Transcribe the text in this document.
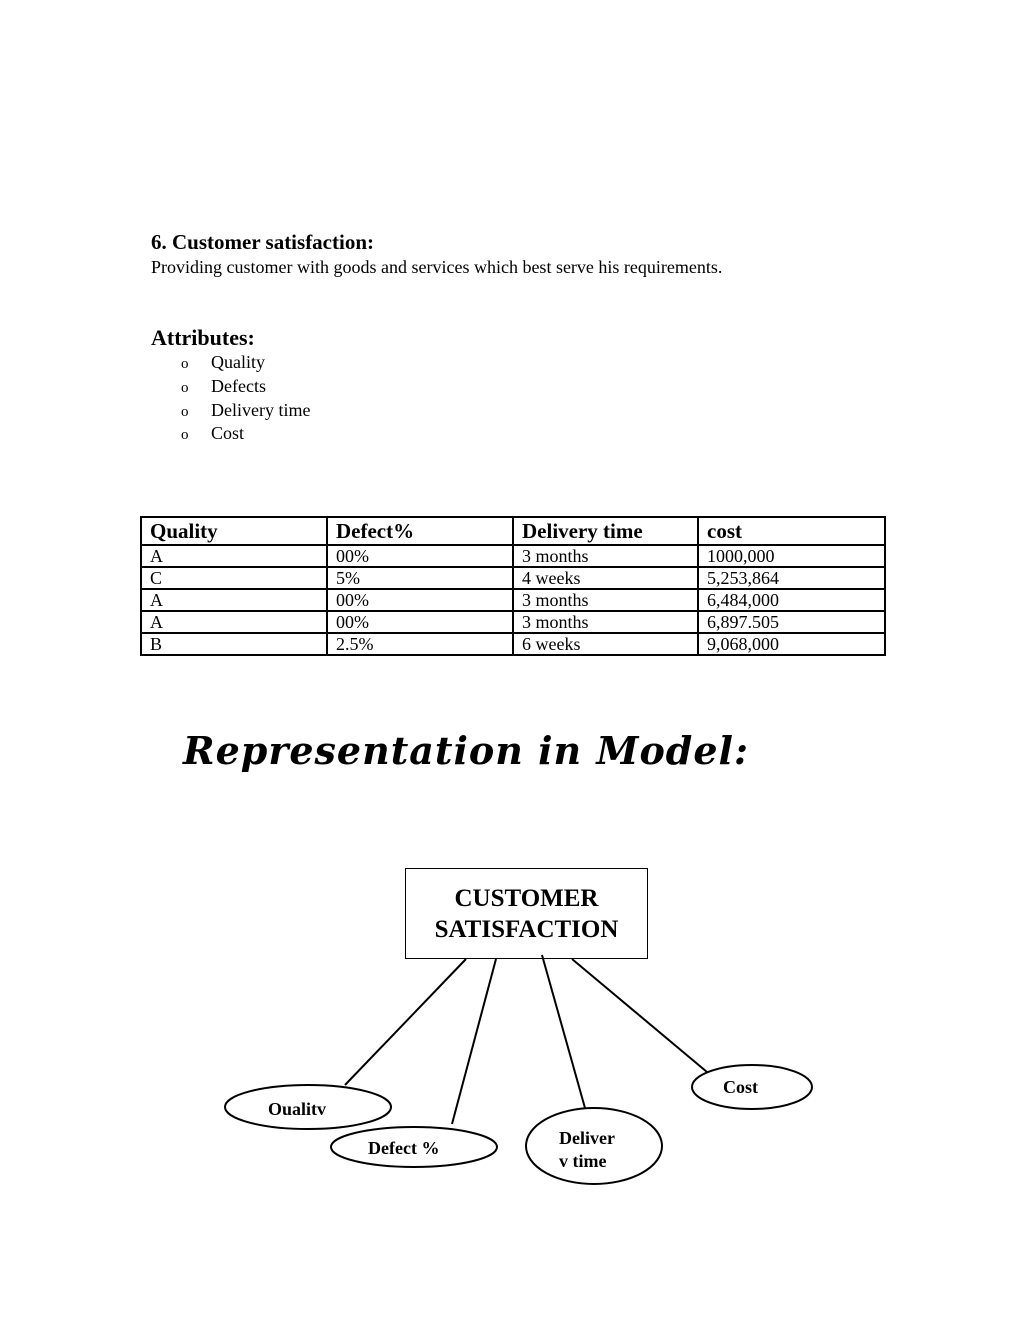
6. Customer satisfaction:
Providing customer with goods and services which best serve his requirements.
Attributes:
o Quality
o Defects
o Delivery time
o Cost
Quality	Defect%	Delivery time	cost
A	00%	3 months	1000,000
C	5%	4 weeks	5,253,864
A	00%	3 months	6,484,000
A	00%	3 months	6,897.505
B	2.5%	6 weeks	9,068,000
Representation in Model:
CUSTOMER
SATISFACTION
Oualitv
Defect %	Deliver
v time
Cost
